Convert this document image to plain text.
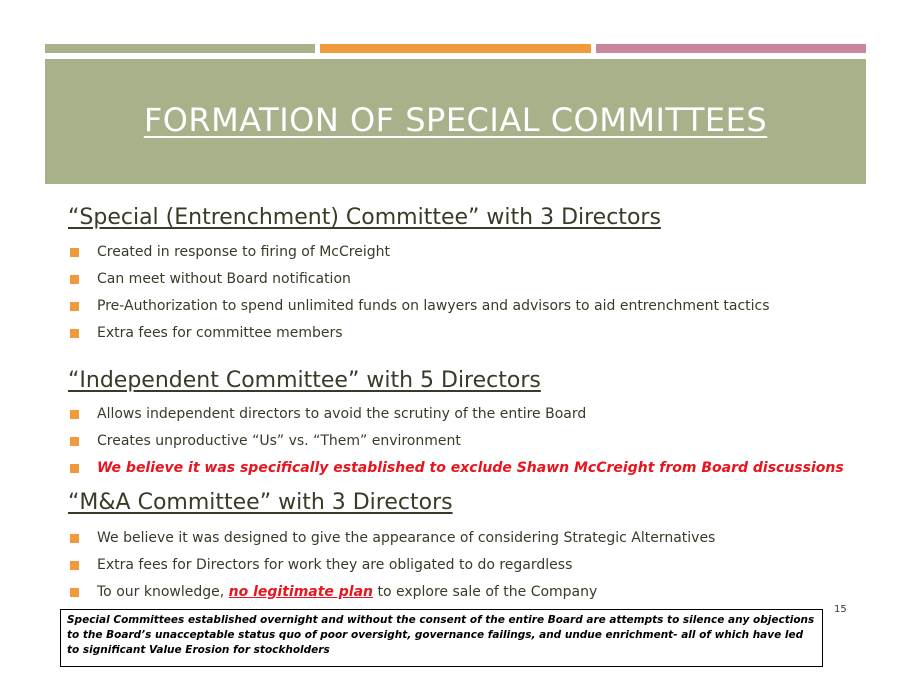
FORMATION OF SPECIAL COMMITTEES
“Special (Entrenchment) Committee” with 3 Directors
Created in response to firing of McCreight
Can meet without Board notification
Pre-Authorization to spend unlimited funds on lawyers and advisors to aid entrenchment tactics
Extra fees for committee members
“Independent Committee” with 5 Directors
Allows independent directors to avoid the scrutiny of the entire Board
Creates unproductive “Us” vs. “Them” environment
We believe it was specifically established to exclude Shawn McCreight from Board discussions
“M&A Committee” with 3 Directors
We believe it was designed to give the appearance of considering Strategic Alternatives
Extra fees for Directors for work they are obligated to do regardless
To our knowledge, no legitimate plan to explore sale of the Company
15
Special Committees established overnight and without the consent of the entire Board are attempts to silence any objections to the Board’s unacceptable status quo of poor oversight, governance failings, and undue enrichment- all of which have led to significant Value Erosion for stockholders
